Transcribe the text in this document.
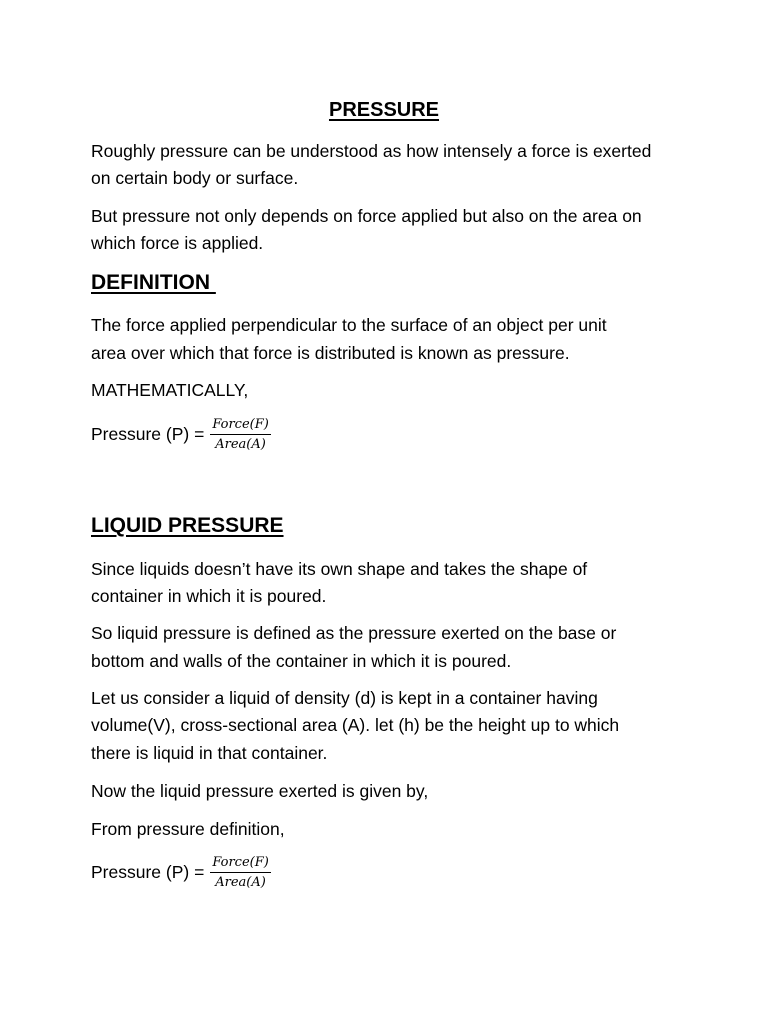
PRESSURE
Roughly pressure can be understood as how intensely a force is exerted
on certain body or surface.
But pressure not only depends on force applied but also on the area on
which force is applied.
DEFINITION
The force applied perpendicular to the surface of an object per unit
area over which that force is distributed is known as pressure.
MATHEMATICALLY,
Pressure $(P) = \frac{\text{Force(F)}}{\text{Area(A)}}$
LIQUID PRESSURE
Since liquids doesn’t have its own shape and takes the shape of
container in which it is poured.
So liquid pressure is defined as the pressure exerted on the base or
bottom and walls of the container in which it is poured.
Let us consider a liquid of density (d) is kept in a container having
volume(V), cross-sectional area (A). let (h) be the height up to which
there is liquid in that container.
Now the liquid pressure exerted is given by,
From pressure definition,
Pressure $(P) = \frac{\text{Force(F)}}{\text{Area(A)}}$
